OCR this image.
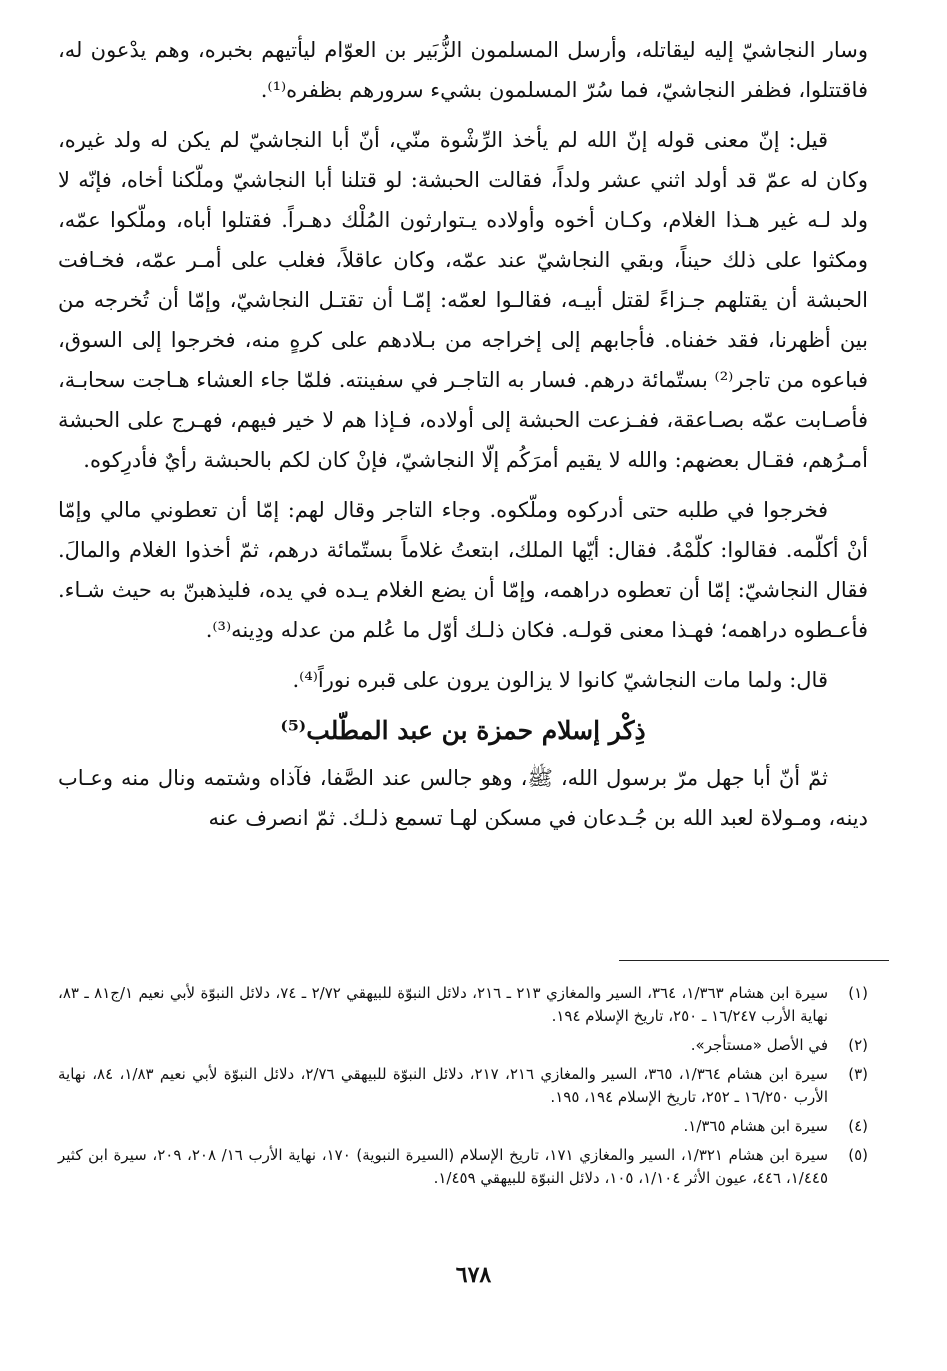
وسار النجاشيّ إليه ليقاتله، وأرسل المسلمون الزُّبَير بن العوّام ليأتيهم بخبره، وهم يدْعون له، فاقتتلوا، فظفر النجاشيّ، فما سُرّ المسلمون بشيء سرورهم بظفره⁽¹⁾.

قيل: إنّ معنى قوله إنّ الله لم يأخذ الرِّشْوة منّي، أنّ أبا النجاشيّ لم يكن له ولد غيره، وكان له عمّ قد أولد اثني عشر ولداً، فقالت الحبشة: لو قتلنا أبا النجاشيّ وملّكنا أخاه، فإنّه لا ولد لـه غير هـذا الغلام، وكـان أخوه وأولاده يـتوارثون المُلْك دهـراً. فقتلوا أباه، وملّكوا عمّه، ومكثوا على ذلك حيناً، وبقي النجاشيّ عند عمّه، وكان عاقلاً، فغلب على أمـر عمّه، فخـافت الحبشة أن يقتلهم جـزاءً لقتل أبيـه، فقالـوا لعمّه: إمّـا أن تقتـل النجاشيّ، وإمّا أن تُخرجه من بين أظهرنا، فقد خفناه. فأجابهم إلى إخراجه من بـلادهم على كرهٍ منه، فخرجوا إلى السوق، فباعوه من تاجر⁽²⁾ بستّمائة درهم. فسار به التاجـر في سفينته. فلمّا جاء العشاء هـاجت سحابـة، فأصـابت عمّه بصـاعقة، ففـزعت الحبشة إلى أولاده، فـإذا هم لا خير فيهم، فهـرج على الحبشة أمـرُهم، فقـال بعضهم: والله لا يقيم أمرَكُم إلّا النجاشيّ، فإنْ كان لكم بالحبشة رأيٌ فأدرِكوه.

فخرجوا في طلبه حتى أدركوه وملّكوه. وجاء التاجر وقال لهم: إمّا أن تعطوني مالي وإمّا أنْ أكلّمه. فقالوا: كلّمْهُ. فقال: أيّها الملك، ابتعتُ غلاماً بستّمائة درهم، ثمّ أخذوا الغلام والمالَ. فقال النجاشيّ: إمّا أن تعطوه دراهمه، وإمّا أن يضع الغلام يـده في يده، فليذهبنّ به حيث شـاء. فأعـطوه دراهمه؛ فهـذا معنى قولـه. فكان ذلـك أوّل ما عُلم من عدله ودِينه⁽³⁾.

قال: ولما مات النجاشيّ كانوا لا يزالون يرون على قبره نوراً⁽⁴⁾.

ذِكْر إسلام حمزة بن عبد المطّلب⁽⁵⁾

ثمّ أنّ أبا جهل مرّ برسول الله، ﷺ، وهو جالس عند الصَّفا، فآذاه وشتمه ونال منه وعـاب دينه، ومـولاة لعبد الله بن جُـدعان في مسكن لهـا تسمع ذلـك. ثمّ انصرف عنه

(١)
سيرة ابن هشام ١/٣٦٣، ٣٦٤، السير والمغازي ٢١٣ ـ ٢١٦، دلائل النبوّة للبيهقي ٢/٧٢ ـ ٧٤، دلائل النبوّة لأبي نعيم ١/ج٨١ ـ ٨٣، نهاية الأرب ١٦/٢٤٧ ـ ٢٥٠، تاريخ الإسلام ١٩٤.
(٢)
في الأصل «مستأجر».
(٣)
سيرة ابن هشام ١/٣٦٤، ٣٦٥، السير والمغازي ٢١٦، ٢١٧، دلائل النبوّة للبيهقي ٢/٧٦، دلائل النبوّة لأبي نعيم ١/٨٣، ٨٤، نهاية الأرب ١٦/٢٥٠ ـ ٢٥٢، تاريخ الإسلام ١٩٤، ١٩٥.
(٤)
سيرة ابن هشام ١/٣٦٥.
(٥)
سيرة ابن هشام ١/٣٢١، السير والمغازي ١٧١، تاريخ الإسلام (السيرة النبوية) ١٧٠، نهاية الأرب ١٦/ ٢٠٨، ٢٠٩، سيرة ابن كثير ١/٤٤٥، ٤٤٦، عيون الأثر ١/١٠٤، ١٠٥، دلائل النبوّة للبيهقي ١/٤٥٩.
٦٧٨
